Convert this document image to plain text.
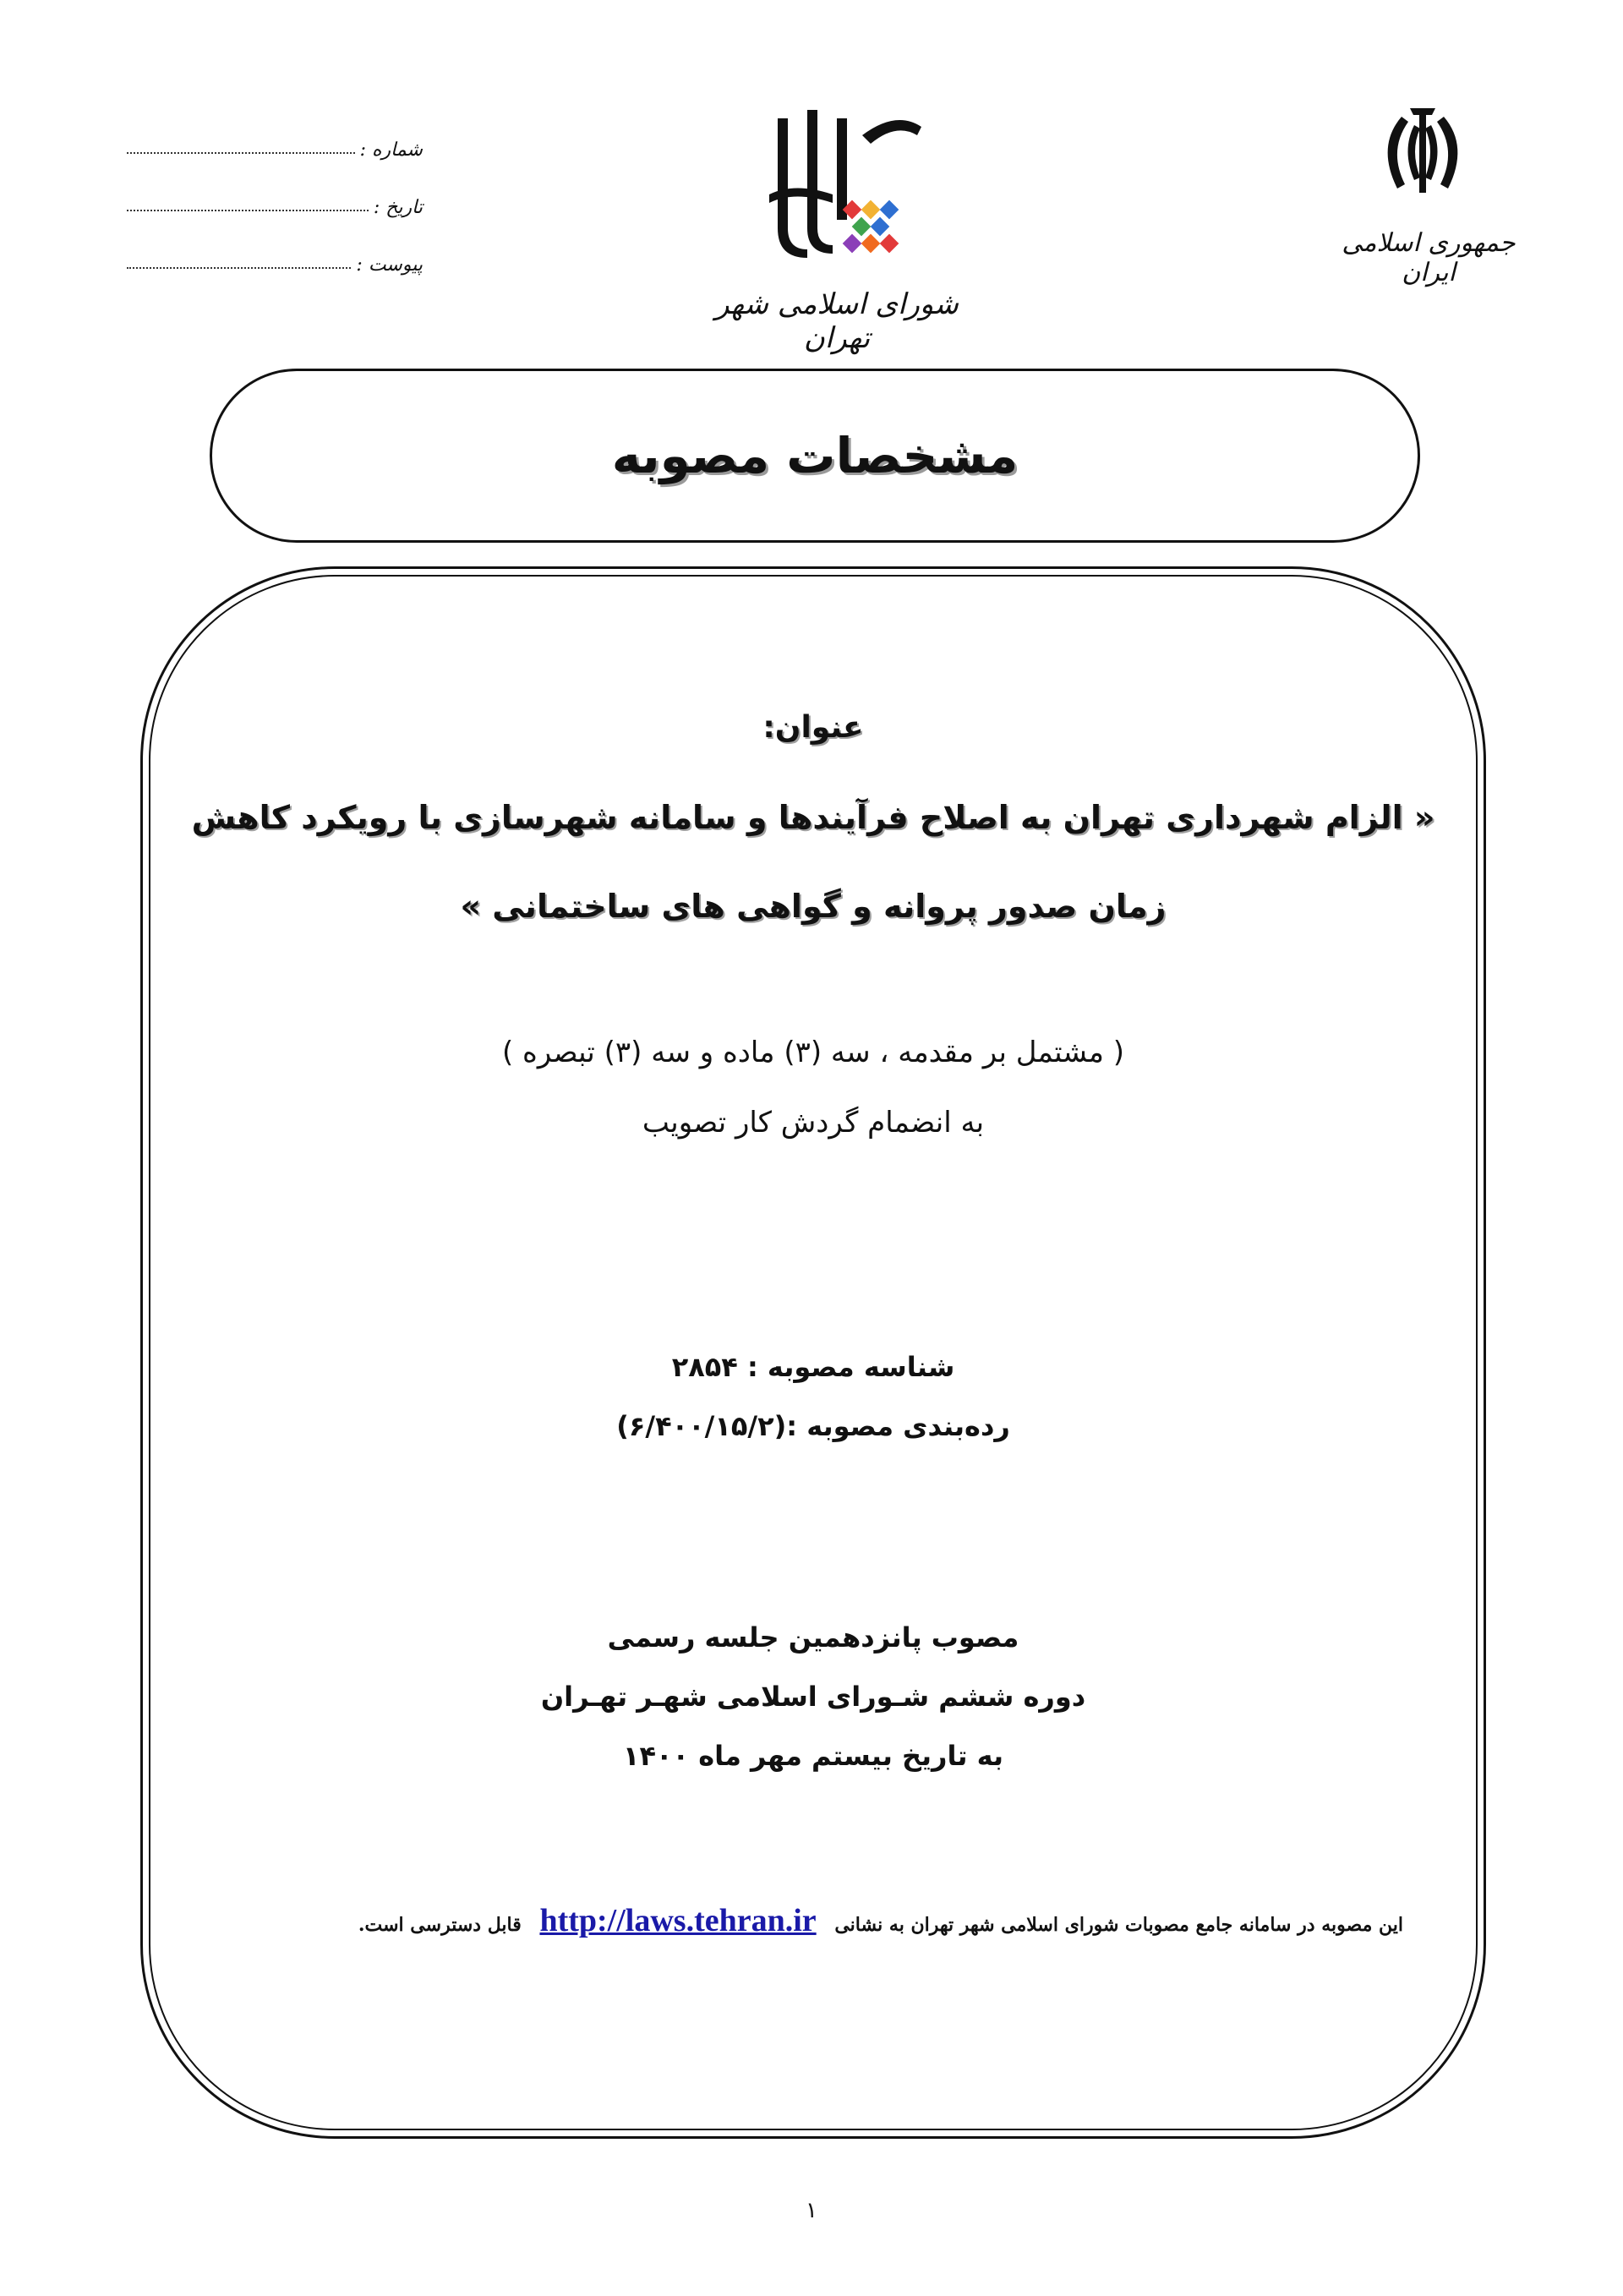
شماره :
تاریخ :
پیوست :
شورای اسلامی شهر تهران
جمهوری اسلامی ایران
مشخصات مصوبه
عنوان:
« الزام شهرداری تهران به اصلاح فرآیندها و سامانه شهرسازی با رویکرد کاهش
زمان صدور پروانه و گواهی های ساختمانی »
( مشتمل بر مقدمه ، سه (۳) ماده و سه (۳) تبصره )
به انضمام گردش کار تصویب
شناسه مصوبه : ۲۸۵۴
رده‌بندی مصوبه :(۶/۴۰۰/۱۵/۲)
مصوب پانزدهمین جلسه رسمی
دوره ششم شـورای اسلامی شهـر تهـران
به تاریخ بیستم مهر ماه ۱۴۰۰
این مصوبه در سامانه جامع مصوبات شورای اسلامی شهر تهران به نشانی http://laws.tehran.ir قابل دسترسی است.
۱
